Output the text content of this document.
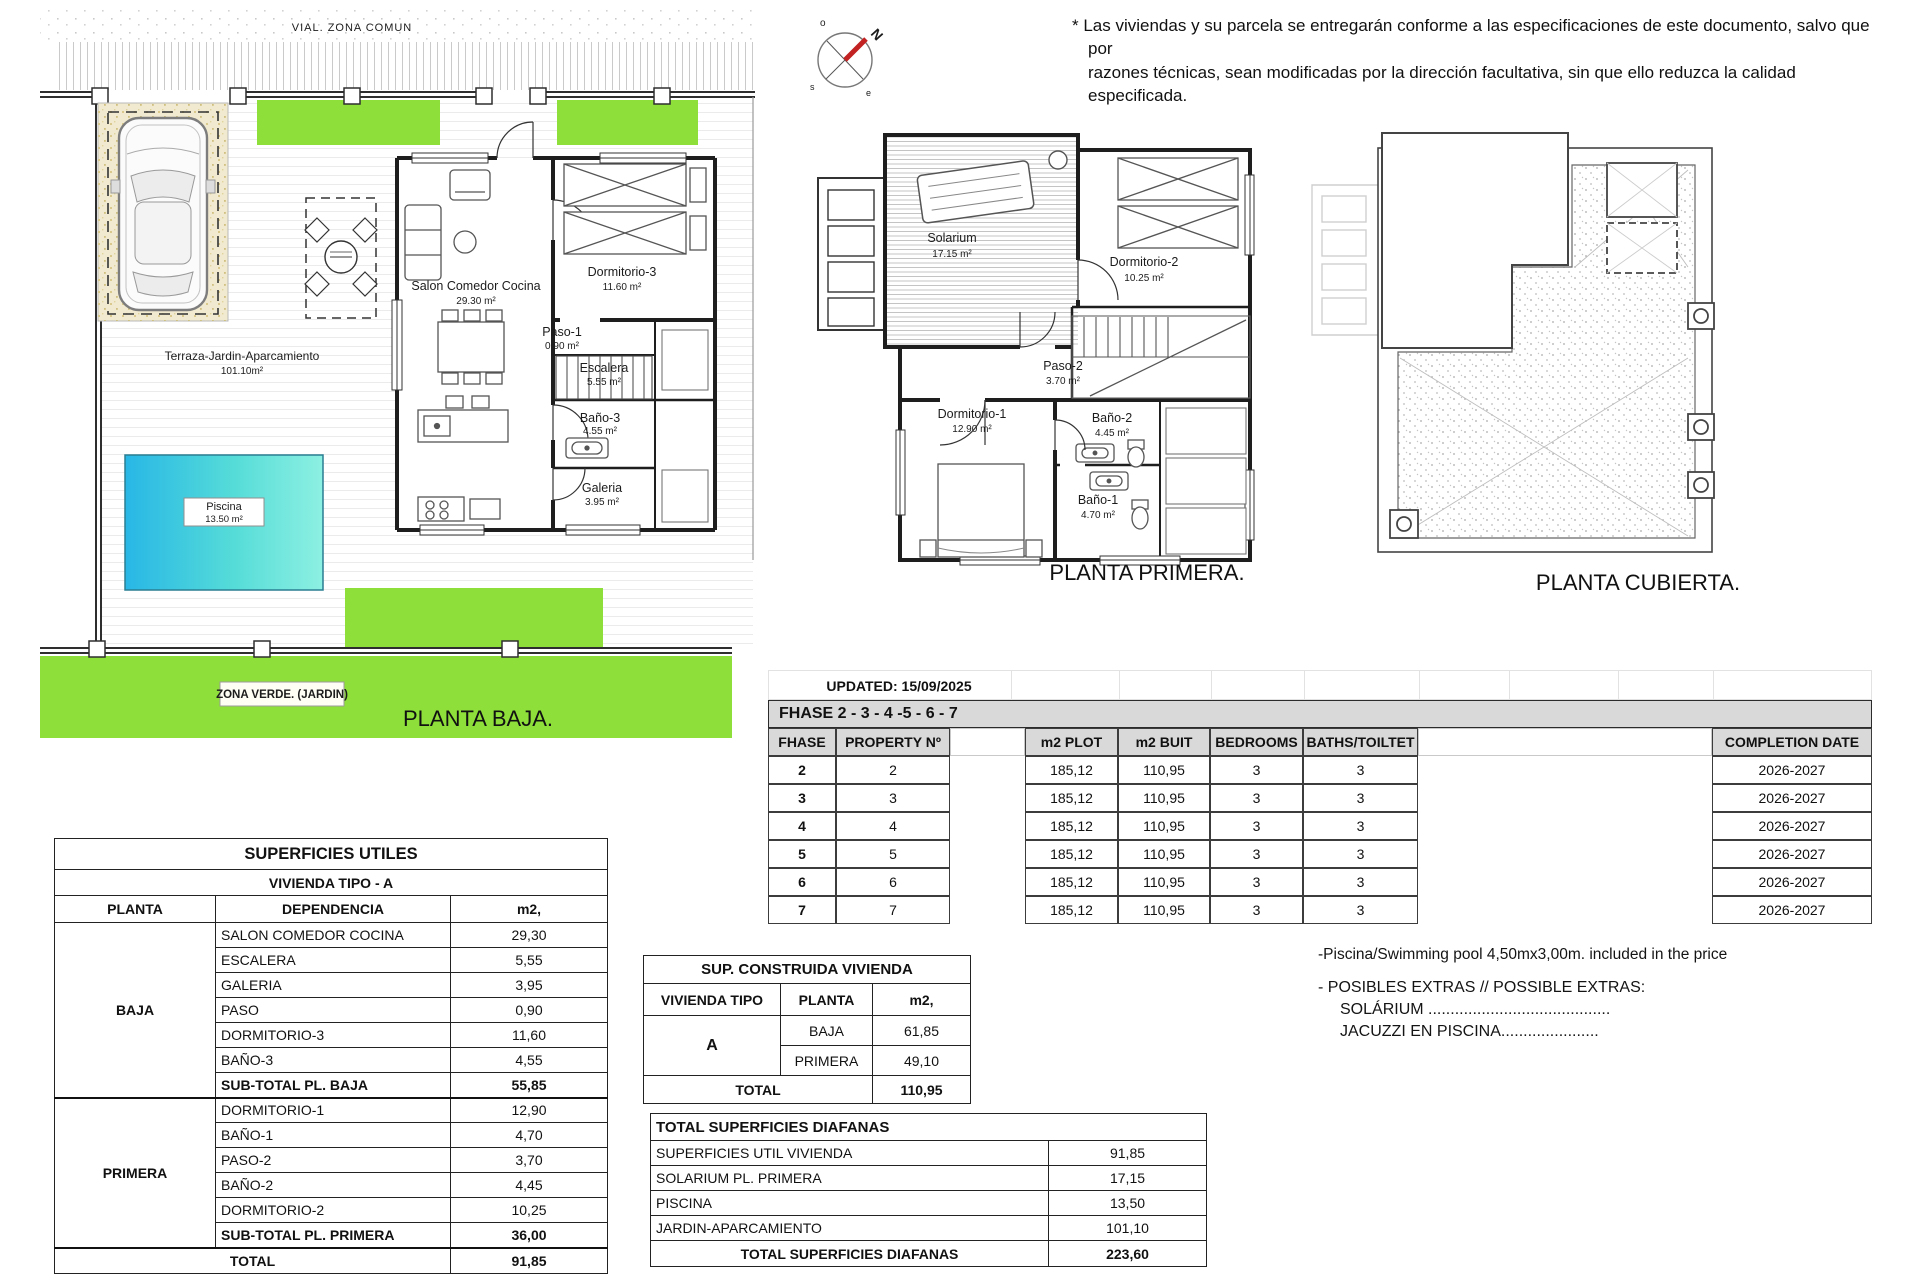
VIAL. ZONA COMUN
Piscina
13.50 m²
Salon Comedor Cocina
29.30 m²
Dormitorio-3
11.60 m²
Paso-1
0.90 m²
Escalera
5.55 m²
Baño-3
4.55 m²
Galeria
3.95 m²
Terraza-Jardin-Aparcamiento
101.10m²
ZONA VERDE. (JARDIN)
PLANTA BAJA.
o
s
e
N	* Las viviendas y su parcela se entregarán conforme a las especificaciones de este documento, salvo que por
razones técnicas, sean modificadas por la dirección facultativa, sin que ello reduzca la calidad especificada.
Solarium
17.15 m²
Dormitorio-2
10.25 m²
Paso-2
3.70 m²
Dormitorio-1
12.90 m²
Baño-2
4.45 m²
Baño-1
4.70 m²
PLANTA PRIMERA.	PLANTA CUBIERTA.
UPDATED: 15/09/2025
FHASE 2 - 3 - 4 -5 - 6 - 7
FHASE	PROPERTY Nº	m2 PLOT	m2 BUIT	BEDROOMS BATHS/TOILTET	COMPLETION DATE
2	2	185,12	110,95	3	3	2026-2027
3	3	185,12	110,95	3	3	2026-2027
4	4	185,12	110,95	3	3	2026-2027
5	5	185,12	110,95	3	3	2026-2027
6	6	185,12	110,95	3	3	2026-2027
7	7	185,12	110,95	3	3	2026-2027
SUPERFICIES UTILES		
VIVIENDA TIPO - A		
PLANTA	DEPENDENCIA	m2,
BAJA	SALON COMEDOR COCINA	29,30
	ESCALERA	5,55
	GALERIA	3,95
	PASO	0,90
	DORMITORIO-3	11,60
	BAÑO-3	4,55
	SUB-TOTAL PL. BAJA	55,85
PRIMERA	DORMITORIO-1	12,90
	BAÑO-1	4,70
	PASO-2	3,70
	BAÑO-2	4,45
	DORMITORIO-2	10,25
	SUB-TOTAL PL. PRIMERA	36,00
TOTAL		91,85
SUP. CONSTRUIDA VIVIENDA		
VIVIENDA TIPO	PLANTA	m2,
A	BAJA	61,85
	PRIMERA	49,10
TOTAL		110,95
TOTAL SUPERFICIES DIAFANAS	
SUPERFICIES UTIL VIVIENDA	91,85
SOLARIUM PL. PRIMERA	17,15
PISCINA	13,50
JARDIN-APARCAMIENTO	101,10
TOTAL SUPERFICIES DIAFANAS	223,60
-Piscina/Swimming pool 4,50mx3,00m. included in the price
- POSIBLES EXTRAS // POSSIBLE EXTRAS:
SOLÁRIUM .........................................
JACUZZI EN PISCINA......................
